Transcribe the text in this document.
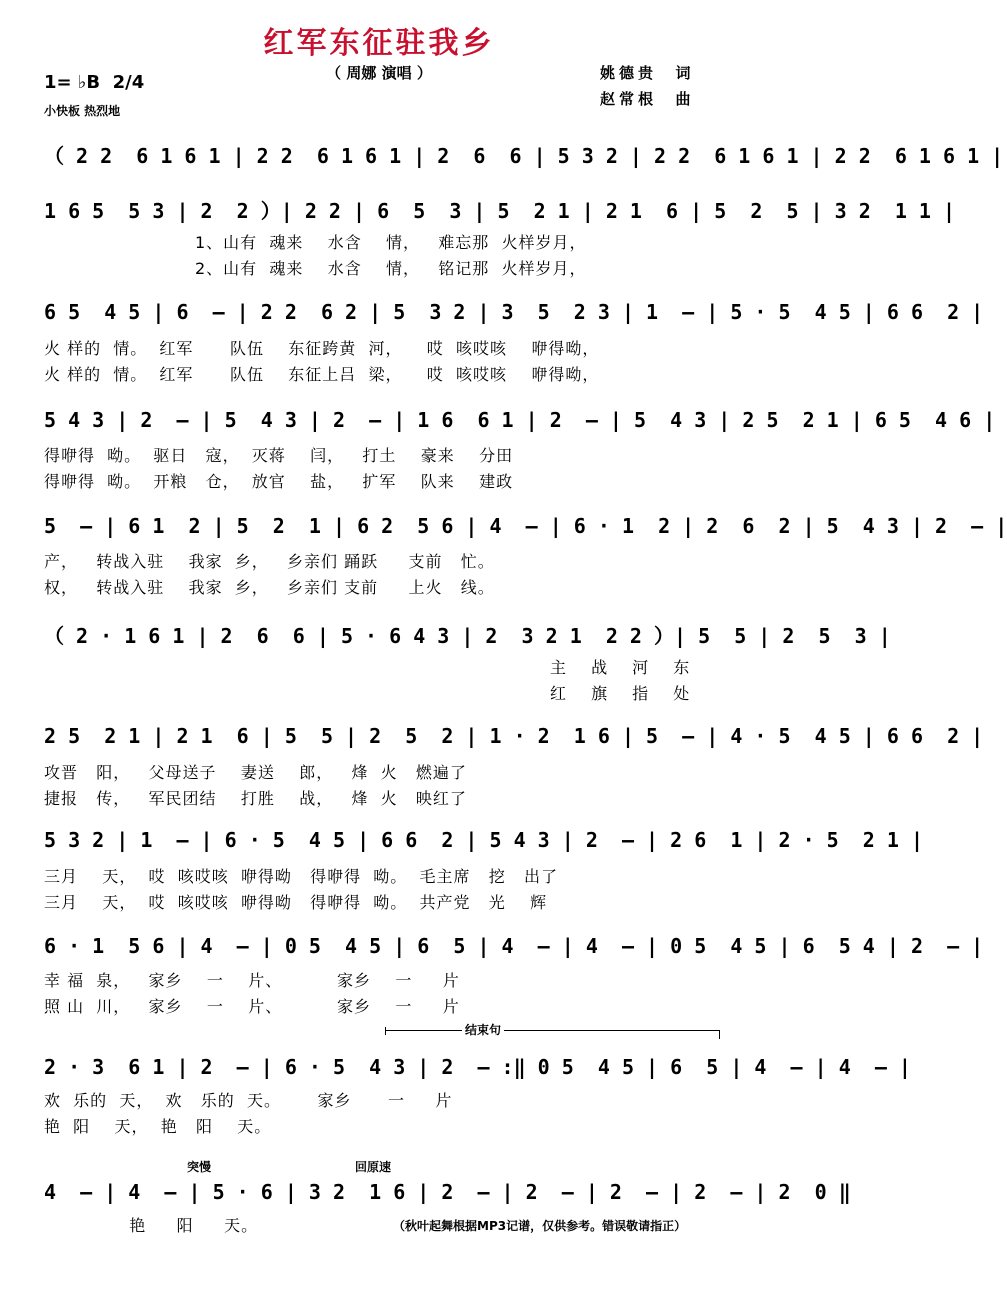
红军东征驻我乡
（ 周娜 演唱 ）	姚德贵  词
赵常根  曲
1= ♭B  2/4
小快板 热烈地
（ 2 2  6 1 6 1 | 2 2  6 1 6 1 | 2  6  6 | 5 3 2 | 2 2  6 1 6 1 | 2 2  6 1 6 1 |
1 6 5  5 3 | 2  2 ）| 2 2 | 6  5  3 | 5  2 1 | 2 1  6 | 5  2  5 | 3 2  1 1 |
1、山有  魂来    水含    情，   难忘那  火样岁月，
2、山有  魂来    水含    情，   铭记那  火样岁月，
6 5  4 5 | 6  – | 2 2  6 2 | 5  3 2 | 3  5  2 3 | 1  – | 5 · 5  4 5 | 6 6  2 |
火 样的  情。  红军      队伍    东征跨黄  河，    哎  咳哎咳    咿得呦，
火 样的  情。  红军      队伍    东征上吕  梁，    哎  咳哎咳    咿得呦，
5 4 3 | 2  – | 5  4 3 | 2  – | 1 6  6 1 | 2  – | 5  4 3 | 2 5  2 1 | 6 5  4 6 |
得咿得  呦。  驱日   寇，  灭蒋    闫，   打土    豪来    分田
得咿得  呦。  开粮   仓，  放官    盐，   扩军    队来    建政
5  – | 6 1  2 | 5  2  1 | 6 2  5 6 | 4  – | 6 · 1  2 | 2  6  2 | 5  4 3 | 2  – |
产，   转战入驻    我家  乡，   乡亲们 踊跃     支前   忙。
权，   转战入驻    我家  乡，   乡亲们 支前     上火   线。
（ 2 · 1 6 1 | 2  6  6 | 5 · 6 4 3 | 2  3 2 1  2 2 ）| 5  5 | 2  5  3 |
主 战 河 东
红 旗 指 处
2 5  2 1 | 2 1  6 | 5  5 | 2  5  2 | 1 · 2  1 6 | 5  – | 4 · 5  4 5 | 6 6  2 |
攻晋   阳，   父母送子    妻送    郎，   烽  火   燃遍了
捷报   传，   军民团结    打胜    战，   烽  火   映红了
5 3 2 | 1  – | 6 · 5  4 5 | 6 6  2 | 5 4 3 | 2  – | 2 6  1 | 2 · 5  2 1 |
三月    天，  哎  咳哎咳  咿得呦   得咿得  呦。  毛主席   挖   出了
三月    天，  哎  咳哎咳  咿得呦   得咿得  呦。  共产党   光    辉
6 · 1  5 6 | 4  – | 0 5  4 5 | 6  5 | 4  – | 4  – | 0 5  4 5 | 6  5 4 | 2  – |
幸 福  泉，   家乡    一    片、         家乡    一     片
照 山  川，   家乡    一    片、         家乡    一     片
结束句
2 · 3  6 1 | 2  – | 6 · 5  4 3 | 2  – :‖ 0 5  4 5 | 6  5 | 4  – | 4  – |
欢  乐的  天，  欢   乐的  天。      家乡      一     片
艳  阳    天，  艳   阳    天。
突慢	回原速
4  – | 4  – | 5 · 6 | 3 2  1 6 | 2  – | 2  – | 2  – | 2  – | 2  0 ‖
艳     阳     天。	（秋叶起舞根据MP3记谱，仅供参考。错误敬请指正）
